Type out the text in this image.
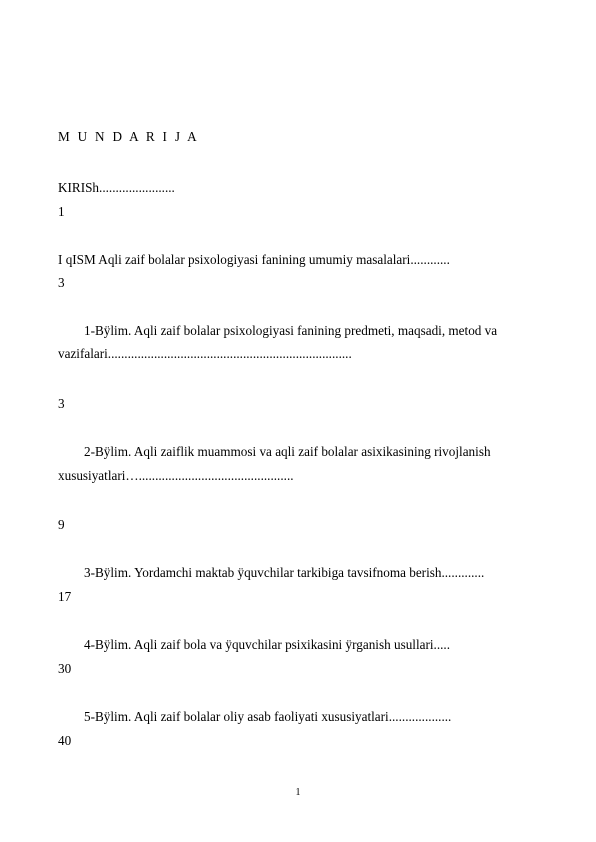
M U N D A R I J A
KIRISh.......................
1
I qISM Aqli zaif bolalar psixologiyasi fanining umumiy masalalari............
3
1-Bÿlim. Aqli zaif bolalar psixologiyasi fanining predmeti, maqsadi, metod va
vazifalari..........................................................................
3
2-Bÿlim. Aqli zaiflik muammosi va aqli zaif bolalar asixikasining rivojlanish
xususiyatlari…...............................................
9
3-Bÿlim. Yordamchi maktab ÿquvchilar tarkibiga tavsifnoma berish.............
17
4-Bÿlim. Aqli zaif bola va ÿquvchilar psixikasini ÿrganish usullari.....
30
5-Bÿlim. Aqli zaif bolalar oliy asab faoliyati xususiyatlari...................
40
1
